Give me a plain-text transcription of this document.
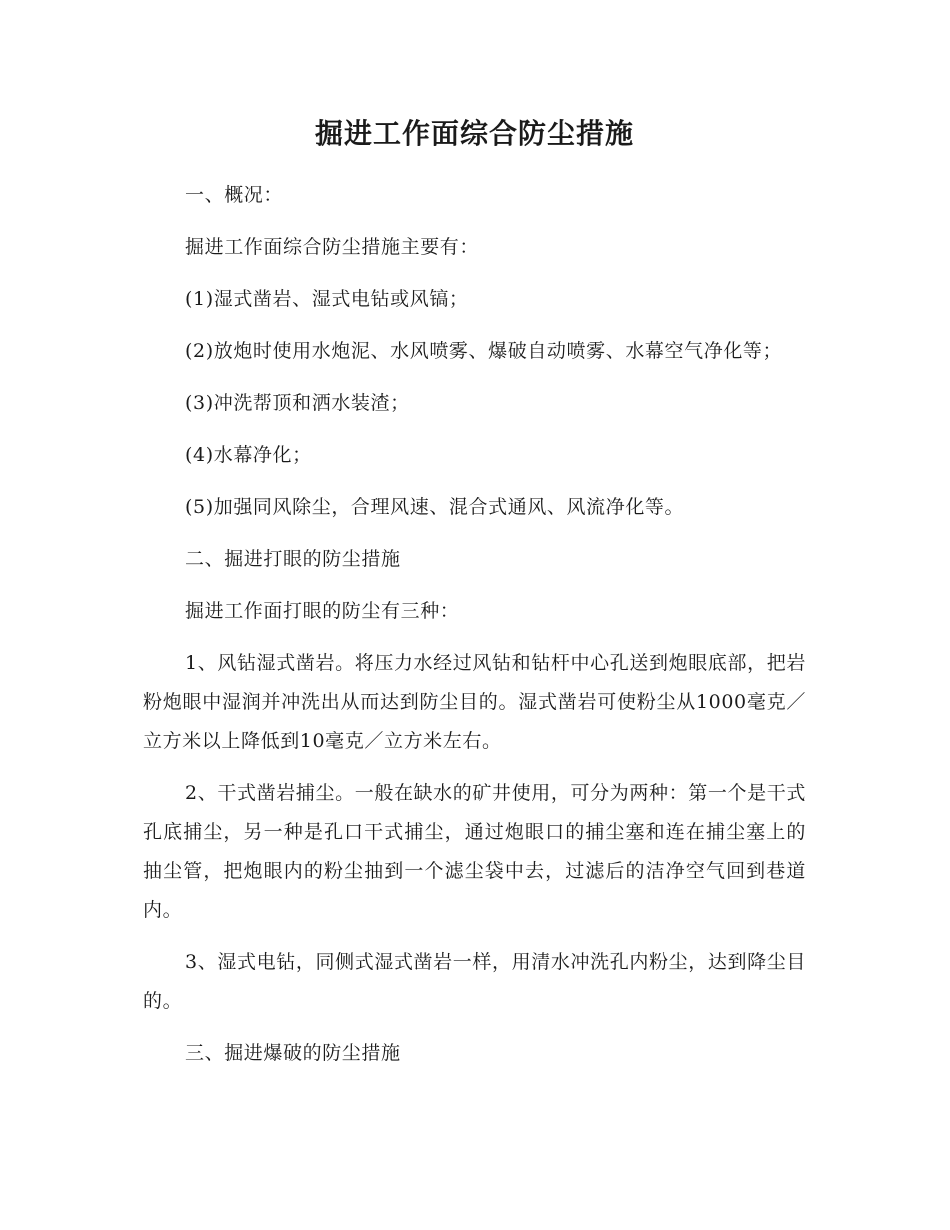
掘进工作面综合防尘措施

一、概况：

掘进工作面综合防尘措施主要有：

(1)湿式凿岩、湿式电钻或风镐；

(2)放炮时使用水炮泥、水风喷雾、爆破自动喷雾、水幕空气净化等；

(3)冲洗帮顶和洒水装渣；

(4)水幕净化；

(5)加强同风除尘，合理风速、混合式通风、风流净化等。

二、掘进打眼的防尘措施

掘进工作面打眼的防尘有三种：

1、风钻湿式凿岩。将压力水经过风钻和钻杆中心孔送到炮眼底部，把岩粉炮眼中湿润并冲洗出从而达到防尘目的。湿式凿岩可使粉尘从1000毫克／立方米以上降低到10毫克／立方米左右。

2、干式凿岩捕尘。一般在缺水的矿井使用，可分为两种：第一个是干式孔底捕尘，另一种是孔口干式捕尘，通过炮眼口的捕尘塞和连在捕尘塞上的抽尘管，把炮眼内的粉尘抽到一个滤尘袋中去，过滤后的洁净空气回到巷道内。

3、湿式电钻，同侧式湿式凿岩一样，用清水冲洗孔内粉尘，达到降尘目的。

三、掘进爆破的防尘措施
